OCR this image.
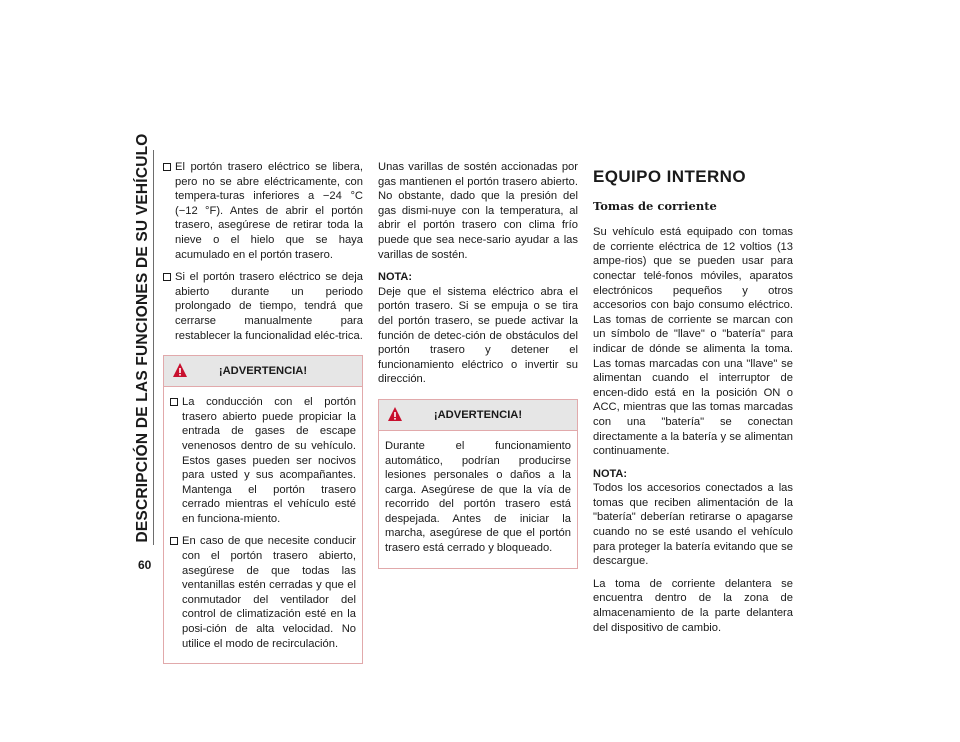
DESCRIPCIÓN DE LAS FUNCIONES DE SU VEHÍCULO
60
El portón trasero eléctrico se libera, pero no se abre eléctricamente, con tempera-turas inferiores a −24 °C (−12 °F). Antes de abrir el portón trasero, asegúrese de retirar toda la nieve o el hielo que se haya acumulado en el portón trasero.
Si el portón trasero eléctrico se deja abierto durante un periodo prolongado de tiempo, tendrá que cerrarse manualmente para restablecer la funcionalidad eléc-trica.
¡ADVERTENCIA!
La conducción con el portón trasero abierto puede propiciar la entrada de gases de escape venenosos dentro de su vehículo. Estos gases pueden ser nocivos para usted y sus acompañantes. Mantenga el portón trasero cerrado mientras el vehículo esté en funciona-miento.
En caso de que necesite conducir con el portón trasero abierto, asegúrese de que todas las ventanillas estén cerradas y que el conmutador del ventilador del control de climatización esté en la posi-ción de alta velocidad. No utilice el modo de recirculación.

Unas varillas de sostén accionadas por gas mantienen el portón trasero abierto. No obstante, dado que la presión del gas dismi-nuye con la temperatura, al abrir el portón trasero con clima frío puede que sea nece-sario ayudar a las varillas de sostén.

NOTA:

Deje que el sistema eléctrico abra el portón trasero. Si se empuja o se tira del portón trasero, se puede activar la función de detec-ción de obstáculos del portón trasero y detener el funcionamiento eléctrico o invertir su dirección.

¡ADVERTENCIA!

Durante el funcionamiento automático, podrían producirse lesiones personales o daños a la carga. Asegúrese de que la vía de recorrido del portón trasero está despejada. Antes de iniciar la marcha, asegúrese de que el portón trasero está cerrado y bloqueado.

EQUIPO INTERNO
Tomas de corriente

Su vehículo está equipado con tomas de corriente eléctrica de 12 voltios (13 ampe-rios) que se pueden usar para conectar telé-fonos móviles, aparatos electrónicos pequeños y otros accesorios con bajo consumo eléctrico. Las tomas de corriente se marcan con un símbolo de "llave" o "batería" para indicar de dónde se alimenta la toma. Las tomas marcadas con una "llave" se alimentan cuando el interruptor de encen-dido está en la posición ON o ACC, mientras que las tomas marcadas con una "batería" se conectan directamente a la batería y se alimentan continuamente.

NOTA:

Todos los accesorios conectados a las tomas que reciben alimentación de la "batería" deberían retirarse o apagarse cuando no se esté usando el vehículo para proteger la batería evitando que se descargue.

La toma de corriente delantera se encuentra dentro de la zona de almacenamiento de la parte delantera del dispositivo de cambio.
